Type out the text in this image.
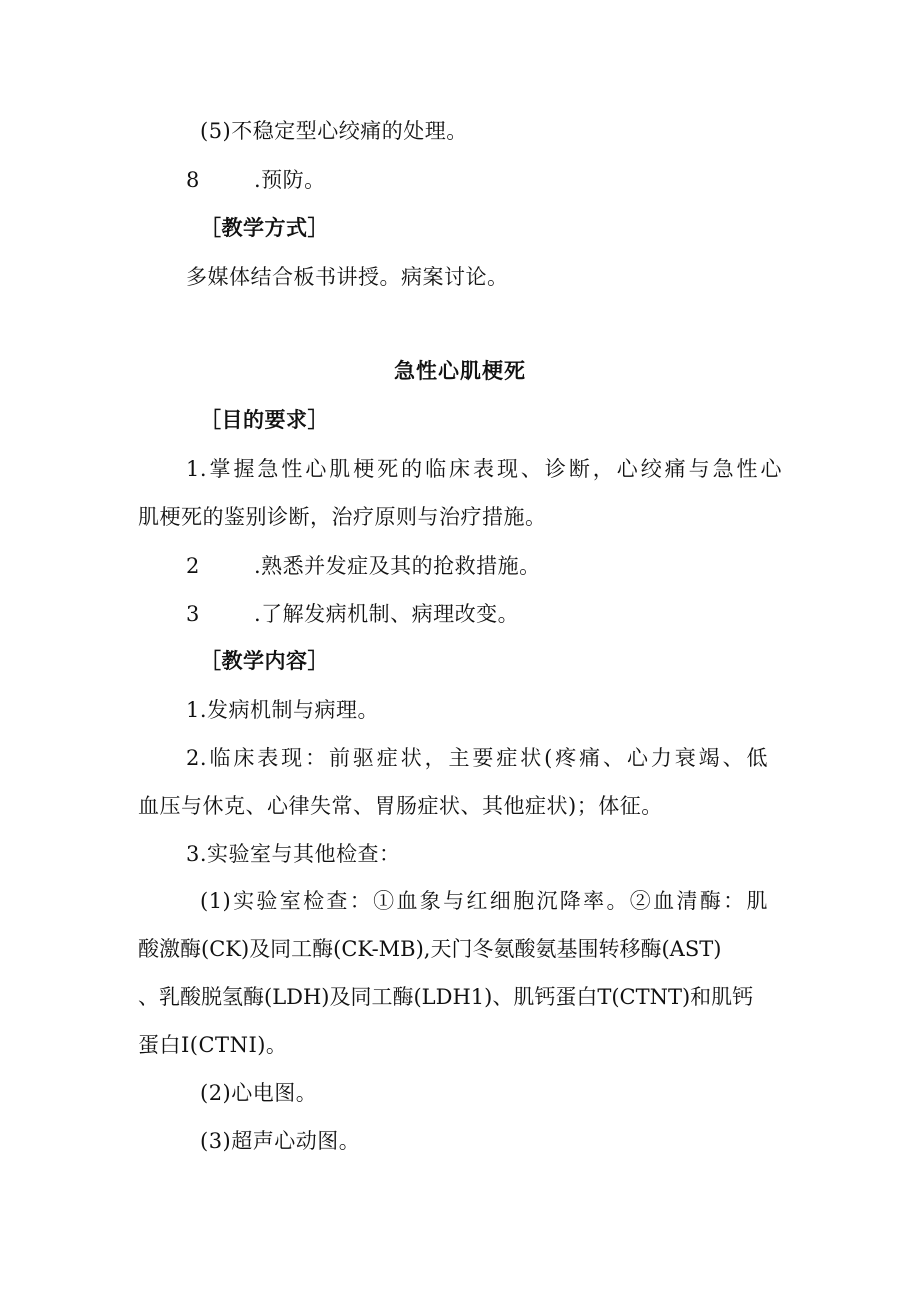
(5)不稳定型心绞痛的处理。
8	.预防。
［教学方式］
多媒体结合板书讲授。病案讨论。
急性心肌梗死
［目的要求］
1.掌握急性心肌梗死的临床表现、诊断，心绞痛与急性心
肌梗死的鉴别诊断，治疗原则与治疗措施。
2	.熟悉并发症及其的抢救措施。
3	.了解发病机制、病理改变。
［教学内容］
1.发病机制与病理。
2.临床表现：前驱症状，主要症状(疼痛、心力衰竭、低
血压与休克、心律失常、胃肠症状、其他症状)；体征。
3.实验室与其他检查：
(1)实验室检查：①血象与红细胞沉降率。②血清酶：肌
酸激酶(CK)及同工酶(CK-MB),天门冬氨酸氨基围转移酶(AST)
、乳酸脱氢酶(LDH)及同工酶(LDH1)、肌钙蛋白T(CTNT)和肌钙
蛋白I(CTNI)。
(2)心电图。
(3)超声心动图。
